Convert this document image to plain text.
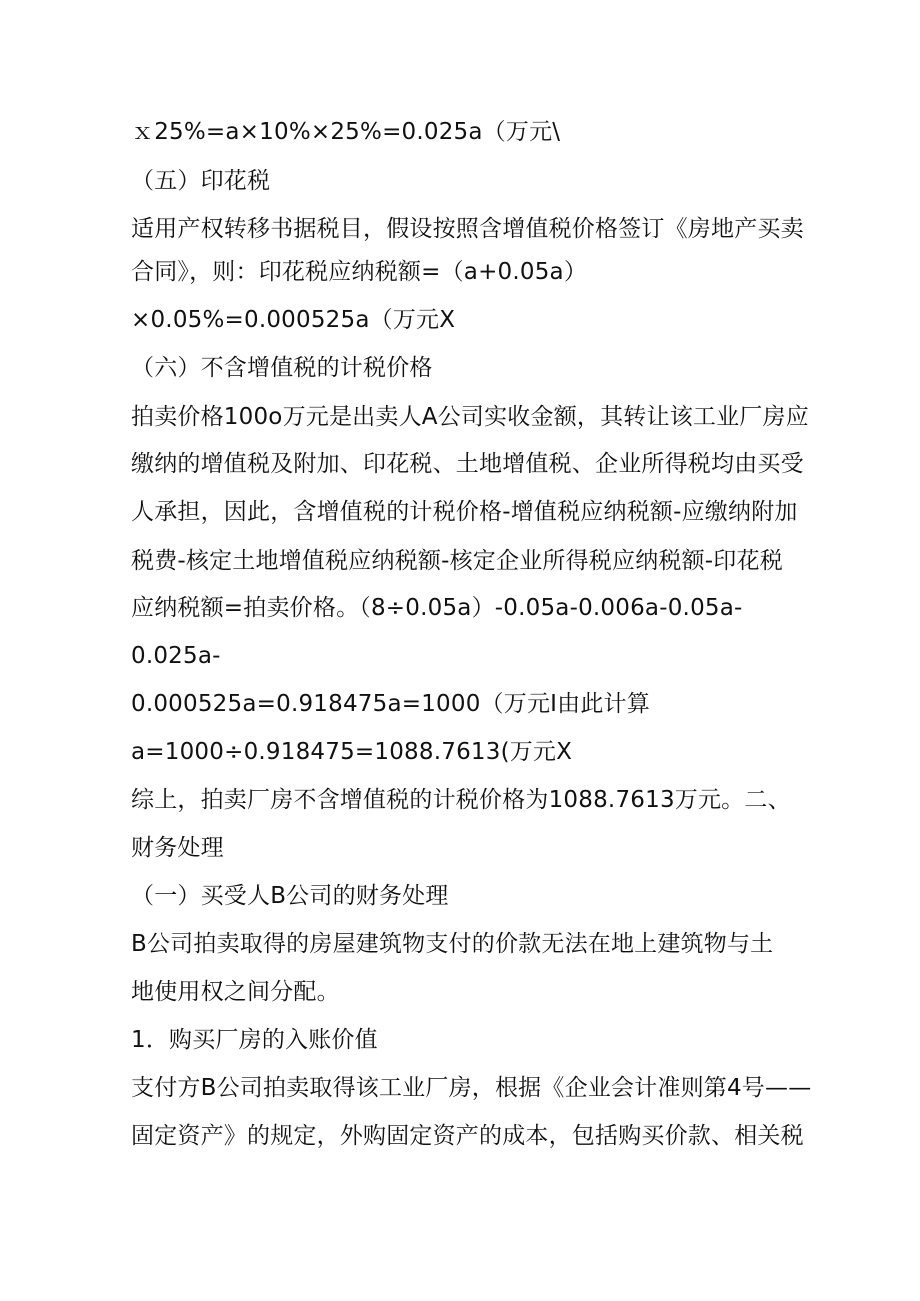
ｘ25%=a×10%×25%=0.025a（万元\
（五）印花税
适用产权转移书据税目，假设按照含增值税价格签订《房地产买卖
合同》，则：印花税应纳税额=（a+0.05a）
×0.05%=0.000525a（万元X
（六）不含增值税的计税价格
拍卖价格100o万元是出卖人A公司实收金额，其转让该工业厂房应
缴纳的增值税及附加、印花税、土地增值税、企业所得税均由买受
人承担，因此，含增值税的计税价格-增值税应纳税额-应缴纳附加
税费-核定土地增值税应纳税额-核定企业所得税应纳税额-印花税
应纳税额=拍卖价格。（8÷0.05a）-0.05a-0.006a-0.05a-
0.025a-
0.000525a=0.918475a=1000（万元I由此计算
a=1000÷0.918475=1088.7613(万元X
综上，拍卖厂房不含增值税的计税价格为1088.7613万元。二、
财务处理
（一）买受人B公司的财务处理
B公司拍卖取得的房屋建筑物支付的价款无法在地上建筑物与土
地使用权之间分配。
1．购买厂房的入账价值
支付方B公司拍卖取得该工业厂房，根据《企业会计准则第4号——
固定资产》的规定，外购固定资产的成本，包括购买价款、相关税
